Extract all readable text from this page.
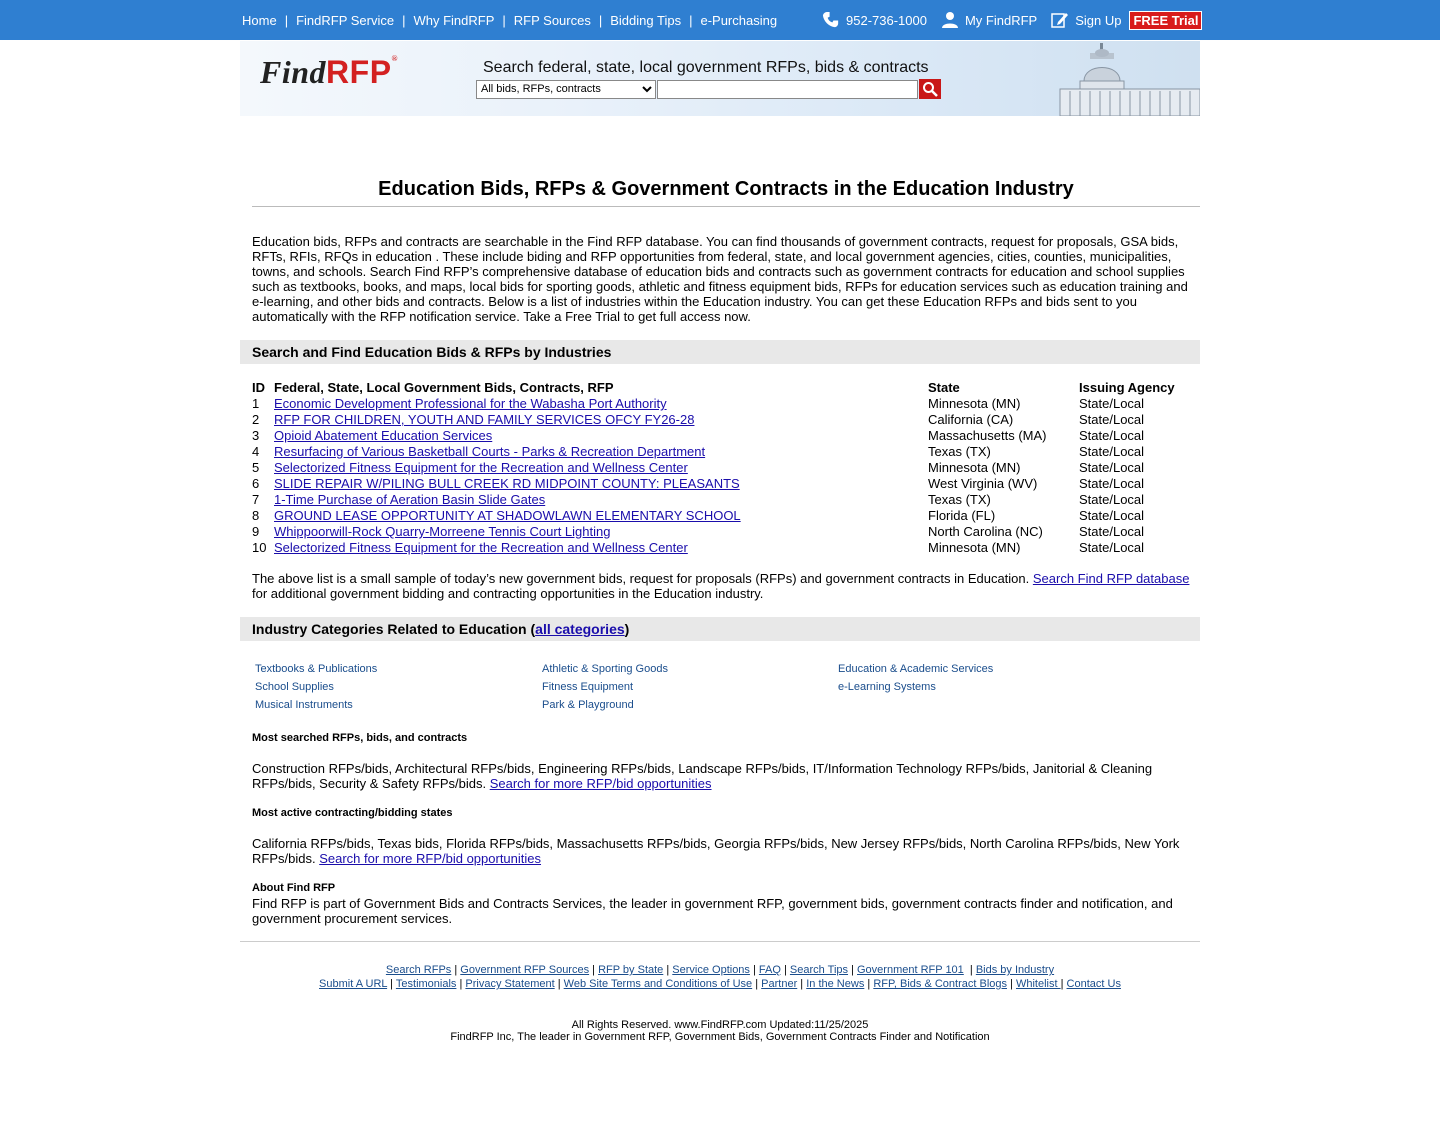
Home | FindRFP Service | Why FindRFP | RFP Sources | Bidding Tips | e-Purchasing	952-736-1000	My FindRFP	Sign Up FREE Trial
FindRFP®
Search federal, state, local government RFPs, bids & contracts
All bids, RFPs, contracts
Education Bids, RFPs & Government Contracts in the Education Industry
Education bids, RFPs and contracts are searchable in the Find RFP database. You can find thousands of government contracts, request for proposals, GSA bids, RFTs, RFIs, RFQs in education . These include biding and RFP opportunities from federal, state, and local government agencies, cities, counties, municipalities, towns, and schools. Search Find RFP’s comprehensive database of education bids and contracts such as government contracts for education and school supplies such as textbooks, books, and maps, local bids for sporting goods, athletic and fitness equipment bids, RFPs for education services such as education training and e-learning, and other bids and contracts. Below is a list of industries within the Education industry. You can get these Education RFPs and bids sent to you automatically with the RFP notification service. Take a Free Trial to get full access now.
Search and Find Education Bids & RFPs by Industries
ID	Federal, State, Local Government Bids, Contracts, RFP	State	Issuing Agency
1	Economic Development Professional for the Wabasha Port Authority	Minnesota (MN)	State/Local
2	RFP FOR CHILDREN, YOUTH AND FAMILY SERVICES OFCY FY26-28	California (CA)	State/Local
3	Opioid Abatement Education Services	Massachusetts (MA)	State/Local
4	Resurfacing of Various Basketball Courts - Parks & Recreation Department	Texas (TX)	State/Local
5	Selectorized Fitness Equipment for the Recreation and Wellness Center	Minnesota (MN)	State/Local
6	SLIDE REPAIR W/PILING BULL CREEK RD MIDPOINT COUNTY: PLEASANTS	West Virginia (WV)	State/Local
7	1-Time Purchase of Aeration Basin Slide Gates	Texas (TX)	State/Local
8	GROUND LEASE OPPORTUNITY AT SHADOWLAWN ELEMENTARY SCHOOL	Florida (FL)	State/Local
9	Whippoorwill-Rock Quarry-Morreene Tennis Court Lighting	North Carolina (NC)	State/Local
10	Selectorized Fitness Equipment for the Recreation and Wellness Center	Minnesota (MN)	State/Local
The above list is a small sample of today’s new government bids, request for proposals (RFPs) and government contracts in Education. Search Find RFP database for additional government bidding and contracting opportunities in the Education industry.
Industry Categories Related to Education (all categories)
Textbooks & Publications
School Supplies
Musical Instruments
Athletic & Sporting Goods
Fitness Equipment
Park & Playground
Education & Academic Services
e-Learning Systems
Most searched RFPs, bids, and contracts
Construction RFPs/bids, Architectural RFPs/bids, Engineering RFPs/bids, Landscape RFPs/bids, IT/Information Technology RFPs/bids, Janitorial & Cleaning RFPs/bids, Security & Safety RFPs/bids. Search for more RFP/bid opportunities
Most active contracting/bidding states
California RFPs/bids, Texas bids, Florida RFPs/bids, Massachusetts RFPs/bids, Georgia RFPs/bids, New Jersey RFPs/bids, North Carolina RFPs/bids, New York RFPs/bids. Search for more RFP/bid opportunities
About Find RFP
Find RFP is part of Government Bids and Contracts Services, the leader in government RFP, government bids, government contracts finder and notification, and government procurement services.
Search RFPs | Government RFP Sources | RFP by State | Service Options | FAQ | Search Tips | Government RFP 101  | Bids by Industry
Submit A URL | Testimonials | Privacy Statement | Web Site Terms and Conditions of Use | Partner | In the News | RFP, Bids & Contract Blogs | Whitelist | Contact Us
All Rights Reserved. www.FindRFP.com Updated:11/25/2025
FindRFP Inc, The leader in Government RFP, Government Bids, Government Contracts Finder and Notification
